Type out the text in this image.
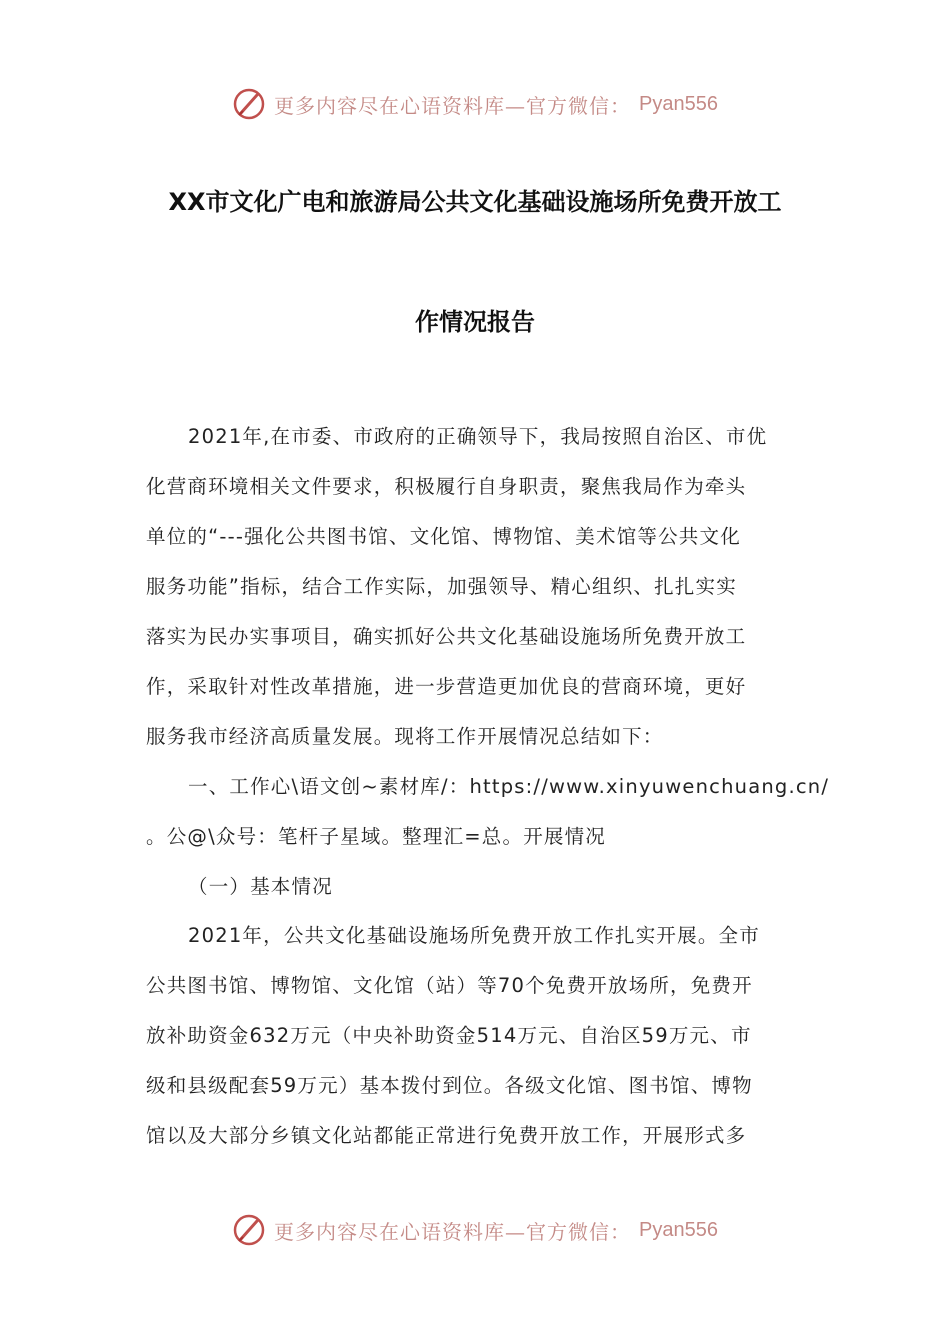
更多内容尽在心语资料库—官方微信： Pyan556
XX市文化广电和旅游局公共文化基础设施场所免费开放工
作情况报告
2021年,在市委、市政府的正确领导下，我局按照自治区、市优
化营商环境相关文件要求，积极履行自身职责，聚焦我局作为牵头
单位的“---强化公共图书馆、文化馆、博物馆、美术馆等公共文化
服务功能”指标，结合工作实际，加强领导、精心组织、扎扎实实
落实为民办实事项目，确实抓好公共文化基础设施场所免费开放工
作，采取针对性改革措施，进一步营造更加优良的营商环境，更好
服务我市经济高质量发展。现将工作开展情况总结如下：
一、工作心\语文创~素材库/：https://www.xinyuwenchuang.cn/
。公@\众号：笔杆子星域。整理汇=总。开展情况
（一）基本情况
2021年，公共文化基础设施场所免费开放工作扎实开展。全市
公共图书馆、博物馆、文化馆（站）等70个免费开放场所，免费开
放补助资金632万元（中央补助资金514万元、自治区59万元、市
级和县级配套59万元）基本拨付到位。各级文化馆、图书馆、博物
馆以及大部分乡镇文化站都能正常进行免费开放工作，开展形式多
更多内容尽在心语资料库—官方微信： Pyan556
